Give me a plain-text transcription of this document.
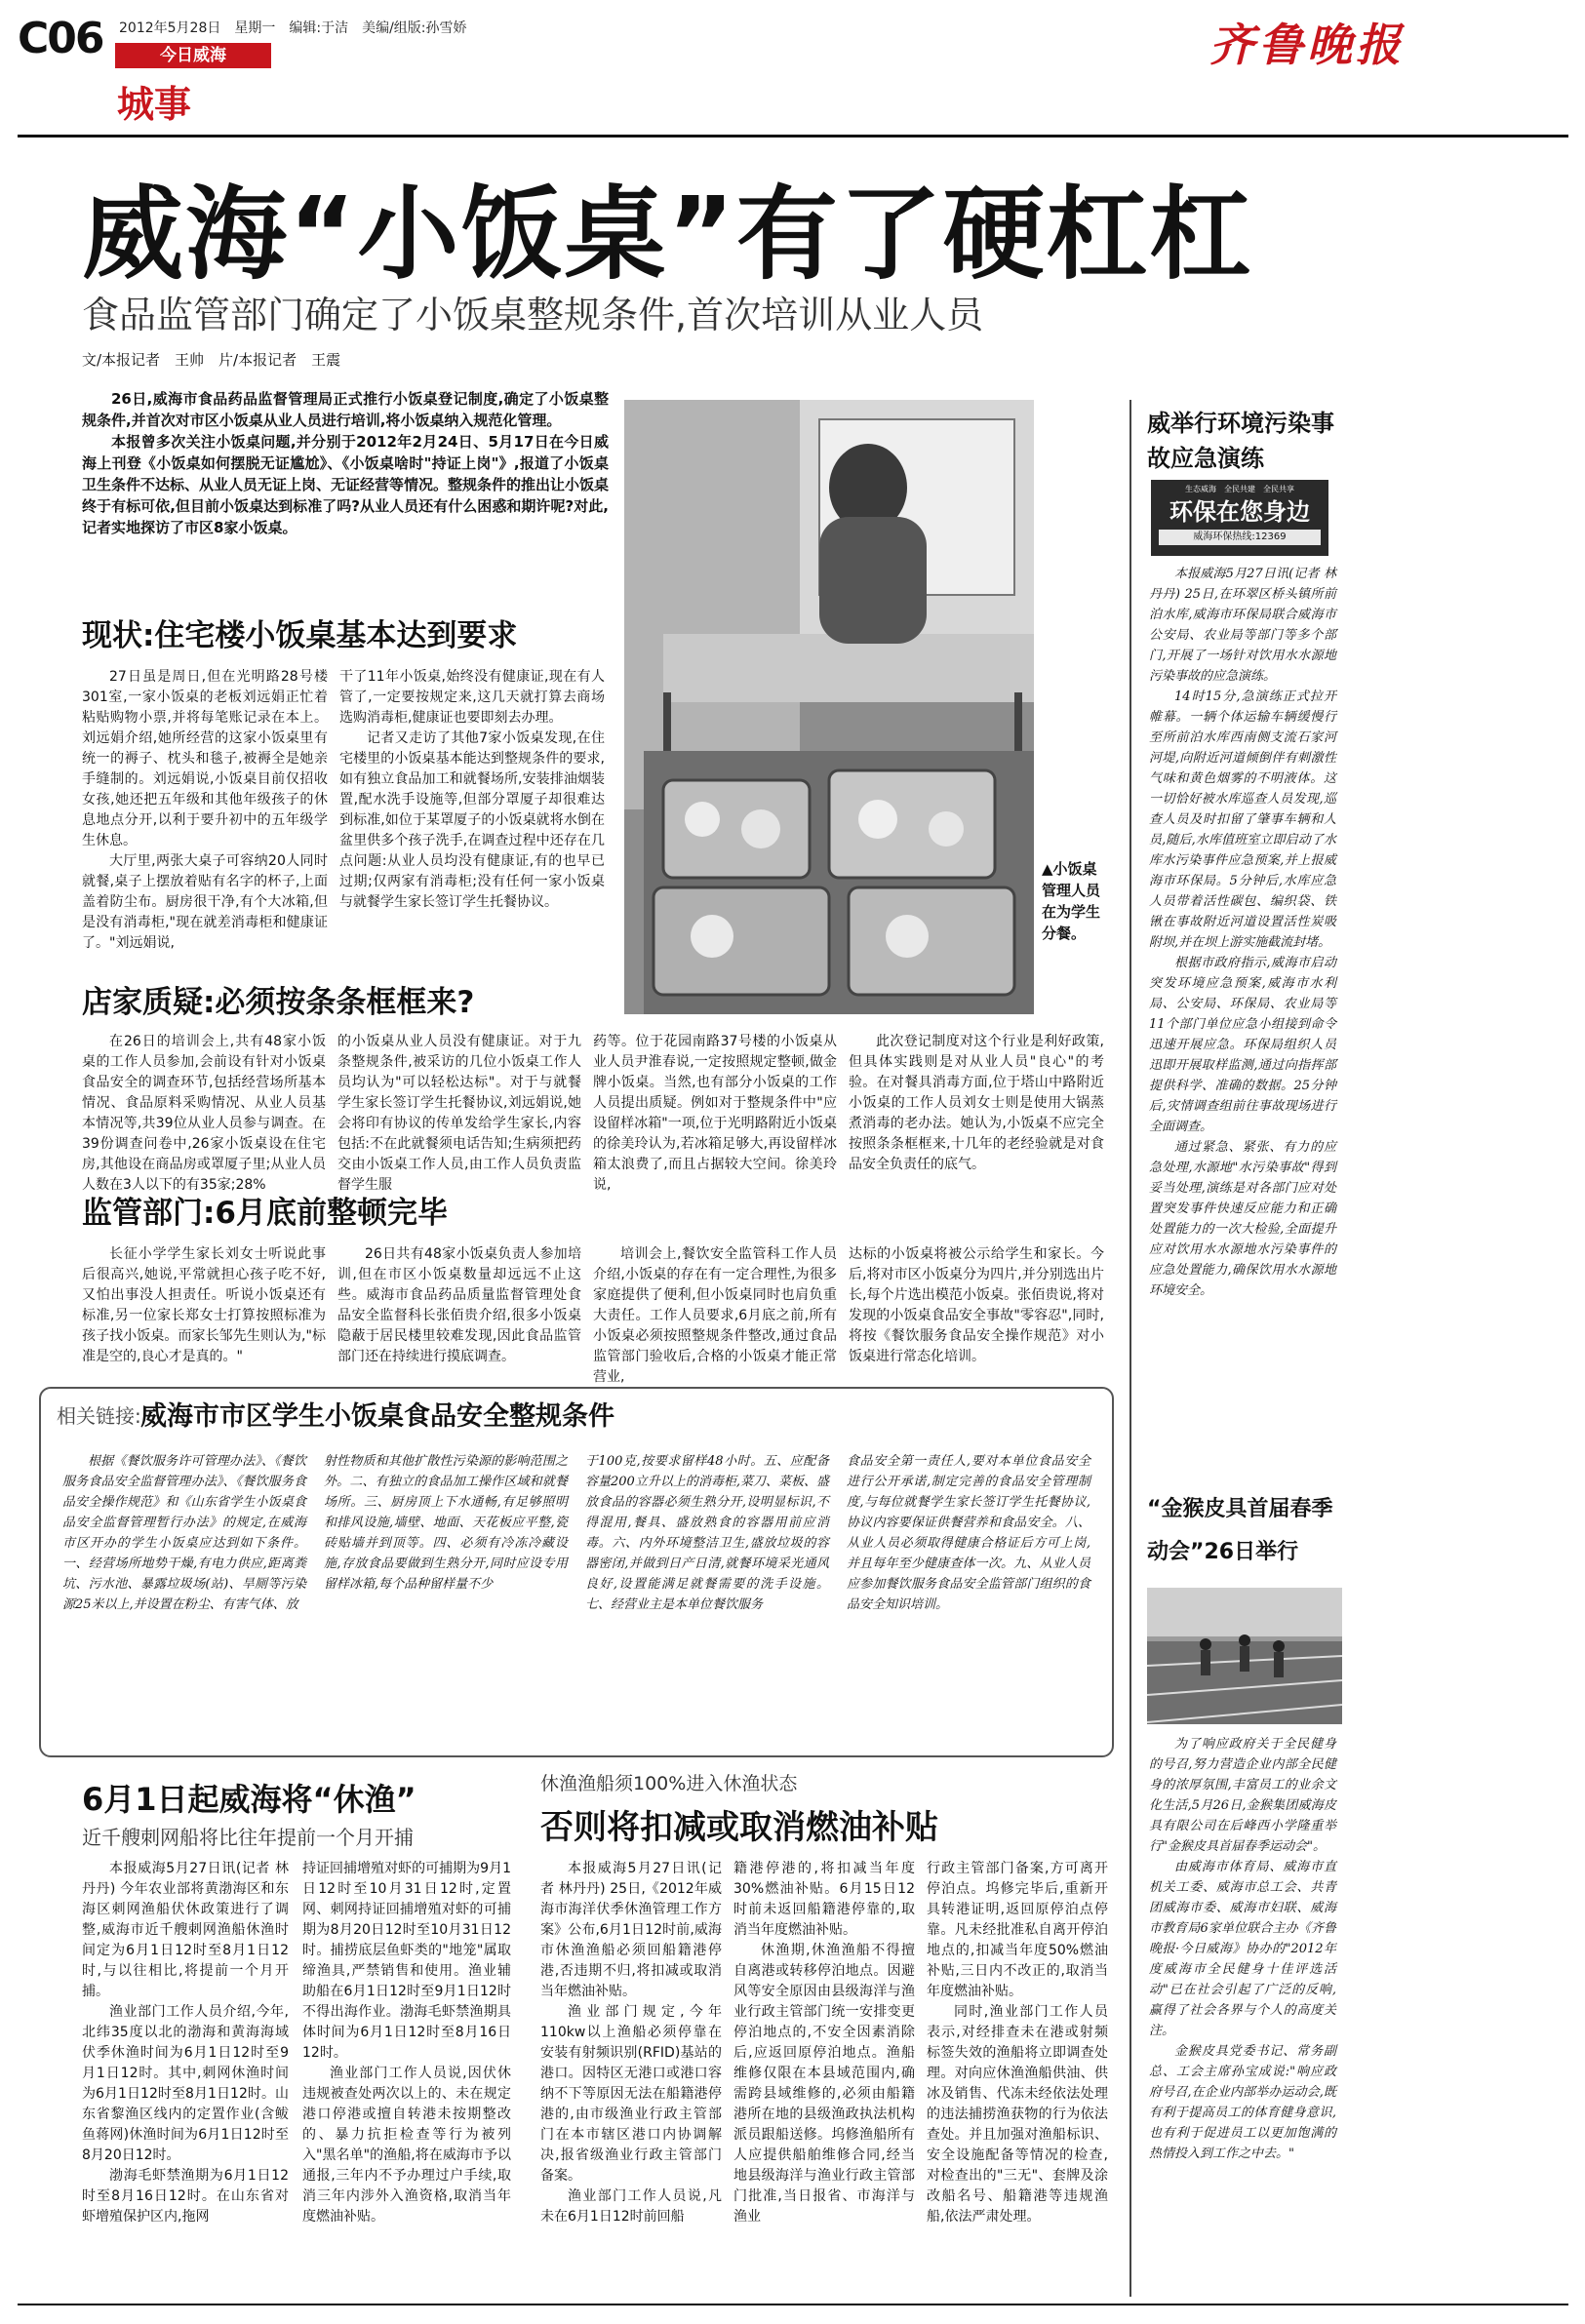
C06 2012年5月28日　星期一　编辑:于洁　美编/组版:孙雪娇
今日威海
城事
齐鲁晚报
威海“小饭桌”有了硬杠杠
食品监管部门确定了小饭桌整规条件,首次培训从业人员
文/本报记者　王帅　片/本报记者　王震

26日,威海市食品药品监督管理局正式推行小饭桌登记制度,确定了小饭桌整规条件,并首次对市区小饭桌从业人员进行培训,将小饭桌纳入规范化管理。

本报曾多次关注小饭桌问题,并分别于2012年2月24日、5月17日在今日威海上刊登《小饭桌如何摆脱无证尴尬》、《小饭桌啥时"持证上岗"》,报道了小饭桌卫生条件不达标、从业人员无证上岗、无证经营等情况。整规条件的推出让小饭桌终于有标可依,但目前小饭桌达到标准了吗?从业人员还有什么困惑和期许呢?对此,记者实地探访了市区8家小饭桌。

▲小饭桌管理人员在为学生分餐。
现状:住宅楼小饭桌基本达到要求

27日虽是周日,但在光明路28号楼301室,一家小饭桌的老板刘远娟正忙着粘贴购物小票,并将每笔账记录在本上。刘远娟介绍,她所经营的这家小饭桌里有统一的褥子、枕头和毯子,被褥全是她亲手缝制的。刘远娟说,小饭桌目前仅招收女孩,她还把五年级和其他年级孩子的休息地点分开,以利于要升初中的五年级学生休息。

大厅里,两张大桌子可容纳20人同时就餐,桌子上摆放着贴有名字的杯子,上面盖着防尘布。厨房很干净,有个大冰箱,但是没有消毒柜,"现在就差消毒柜和健康证了。"刘远娟说,

干了11年小饭桌,始终没有健康证,现在有人管了,一定要按规定来,这几天就打算去商场选购消毒柜,健康证也要即刻去办理。

记者又走访了其他7家小饭桌发现,在住宅楼里的小饭桌基本能达到整规条件的要求,如有独立食品加工和就餐场所,安装排油烟装置,配水洗手设施等,但部分罩厦子却很难达到标准,如位于某罩厦子的小饭桌就将水倒在盆里供多个孩子洗手,在调查过程中还存在几点问题:从业人员均没有健康证,有的也早已过期;仅两家有消毒柜;没有任何一家小饭桌与就餐学生家长签订学生托餐协议。

店家质疑:必须按条条框框来?

在26日的培训会上,共有48家小饭桌的工作人员参加,会前设有针对小饭桌食品安全的调查环节,包括经营场所基本情况、食品原料采购情况、从业人员基本情况等,共39位从业人员参与调查。在39份调查问卷中,26家小饭桌设在住宅房,其他设在商品房或罩厦子里;从业人员人数在3人以下的有35家;28%

的小饭桌从业人员没有健康证。对于九条整规条件,被采访的几位小饭桌工作人员均认为"可以轻松达标"。对于与就餐学生家长签订学生托餐协议,刘远娟说,她会将印有协议的传单发给学生家长,内容包括:不在此就餐须电话告知;生病须把药交由小饭桌工作人员,由工作人员负责监督学生服

药等。位于花园南路37号楼的小饭桌从业人员尹淮春说,一定按照规定整顿,做金牌小饭桌。当然,也有部分小饭桌的工作人员提出质疑。例如对于整规条件中"应设留样冰箱"一项,位于光明路附近小饭桌的徐美玲认为,若冰箱足够大,再设留样冰箱太浪费了,而且占据较大空间。徐美玲说,

此次登记制度对这个行业是利好政策,但具体实践则是对从业人员"良心"的考验。在对餐具消毒方面,位于塔山中路附近小饭桌的工作人员刘女士则是使用大锅蒸煮消毒的老办法。她认为,小饭桌不应完全按照条条框框来,十几年的老经验就是对食品安全负责任的底气。

监管部门:6月底前整顿完毕

长征小学学生家长刘女士听说此事后很高兴,她说,平常就担心孩子吃不好,又怕出事没人担责任。听说小饭桌还有标准,另一位家长郑女士打算按照标准为孩子找小饭桌。而家长邹先生则认为,"标准是空的,良心才是真的。"

26日共有48家小饭桌负责人参加培训,但在市区小饭桌数量却远远不止这些。威海市食品药品质量监督管理处食品安全监督科长张佰贵介绍,很多小饭桌隐蔽于居民楼里较难发现,因此食品监管部门还在持续进行摸底调查。

培训会上,餐饮安全监管科工作人员介绍,小饭桌的存在有一定合理性,为很多家庭提供了便利,但小饭桌同时也肩负重大责任。工作人员要求,6月底之前,所有小饭桌必须按照整规条件整改,通过食品监管部门验收后,合格的小饭桌才能正常营业,

达标的小饭桌将被公示给学生和家长。今后,将对市区小饭桌分为四片,并分别选出片长,每个片选出模范小饭桌。张佰贵说,将对发现的小饭桌食品安全事故"零容忍",同时,将按《餐饮服务食品安全操作规范》对小饭桌进行常态化培训。

相关链接: 威海市市区学生小饭桌食品安全整规条件

根据《餐饮服务许可管理办法》、《餐饮服务食品安全监督管理办法》、《餐饮服务食品安全操作规范》和《山东省学生小饭桌食品安全监督管理暂行办法》的规定,在威海市区开办的学生小饭桌应达到如下条件。一、经营场所地势干燥,有电力供应,距离粪坑、污水池、暴露垃圾场(站)、旱厕等污染源25米以上,并设置在粉尘、有害气体、放

射性物质和其他扩散性污染源的影响范围之外。二、有独立的食品加工操作区域和就餐场所。三、厨房顶上下水通畅,有足够照明和排风设施,墙壁、地面、天花板应平整,瓷砖贴墙并到顶等。四、必须有冷冻冷藏设施,存放食品要做到生熟分开,同时应设专用留样冰箱,每个品种留样量不少

于100克,按要求留样48小时。五、应配备容量200立升以上的消毒柜,菜刀、菜板、盛放食品的容器必须生熟分开,设明显标识,不得混用,餐具、盛放熟食的容器用前应消毒。六、内外环境整洁卫生,盛放垃圾的容器密闭,并做到日产日清,就餐环境采光通风良好,设置能满足就餐需要的洗手设施。七、经营业主是本单位餐饮服务

食品安全第一责任人,要对本单位食品安全进行公开承诺,制定完善的食品安全管理制度,与每位就餐学生家长签订学生托餐协议,协议内容要保证供餐营养和食品安全。八、从业人员必须取得健康合格证后方可上岗,并且每年至少健康查体一次。九、从业人员应参加餐饮服务食品安全监管部门组织的食品安全知识培训。

6月1日起威海将“休渔”
近千艘刺网船将比往年提前一个月开捕

本报威海5月27日讯(记者 林丹丹) 今年农业部将黄渤海区和东海区刺网渔船伏休政策进行了调整,威海市近千艘刺网渔船休渔时间定为6月1日12时至8月1日12时,与以往相比,将提前一个月开捕。

渔业部门工作人员介绍,今年,北纬35度以北的渤海和黄海海域伏季休渔时间为6月1日12时至9月1日12时。其中,刺网休渔时间为6月1日12时至8月1日12时。山东省黎渔区线内的定置作业(含鲅鱼蒋网)休渔时间为6月1日12时至8月20日12时。

渤海毛虾禁渔期为6月1日12时至8月16日12时。在山东省对虾增殖保护区内,拖网

持证回捕增殖对虾的可捕期为9月1日12时至10月31日12时,定置网、刺网持证回捕增殖对虾的可捕期为8月20日12时至10月31日12时。捕捞底层鱼虾类的"地笼"属取缔渔具,严禁销售和使用。渔业辅助船在6月1日12时至9月1日12时不得出海作业。渤海毛虾禁渔期具体时间为6月1日12时至8月16日12时。

渔业部门工作人员说,因伏休违规被查处两次以上的、未在规定港口停港或擅自转港未按期整改的、暴力抗拒检查等行为被列入"黑名单"的渔船,将在威海市予以通报,三年内不予办理过户手续,取消三年内涉外入渔资格,取消当年度燃油补贴。

休渔渔船须100%进入休渔状态
否则将扣减或取消燃油补贴

本报威海5月27日讯(记者 林丹丹) 25日,《2012年威海市海洋伏季休渔管理工作方案》公布,6月1日12时前,威海市休渔渔船必须回船籍港停港,否违期不归,将扣减或取消当年燃油补贴。

渔业部门规定,今年110kw以上渔船必须停靠在安装有射频识别(RFID)基站的港口。因特区无港口或港口容纳不下等原因无法在船籍港停港的,由市级渔业行政主管部门在本市辖区港口内协调解决,报省级渔业行政主管部门备案。

渔业部门工作人员说,凡未在6月1日12时前回船

籍港停港的,将扣减当年度30%燃油补贴。6月15日12时前未返回船籍港停靠的,取消当年度燃油补贴。

休渔期,休渔渔船不得擅自离港或转移停泊地点。因避风等安全原因由县级海洋与渔业行政主管部门统一安排变更停泊地点的,不安全因素消除后,应返回原停泊地点。渔船维修仅限在本县域范围内,确需跨县域维修的,必须由船籍港所在地的县级渔政执法机构派员跟船送修。坞修渔船所有人应提供船舶维修合同,经当地县级海洋与渔业行政主管部门批准,当日报省、市海洋与渔业

行政主管部门备案,方可离开停泊点。坞修完毕后,重新开具转港证明,返回原停泊点停靠。凡未经批准私自离开停泊地点的,扣减当年度50%燃油补贴,三日内不改正的,取消当年度燃油补贴。

同时,渔业部门工作人员表示,对经排查未在港或射频标签失效的渔船将立即调查处理。对向应休渔渔船供油、供冰及销售、代冻未经依法处理的违法捕捞渔获物的行为依法查处。并且加强对渔船标识、安全设施配备等情况的检查,对检查出的"三无"、套牌及涂改船名号、船籍港等违规渔船,依法严肃处理。

威举行环境污染事故应急演练
生态威海　全民共建　全民共享
环保在您身边
威海环保热线:12369

本报威海5月27日讯(记者 林丹丹) 25日,在环翠区桥头镇所前泊水库,威海市环保局联合威海市公安局、农业局等部门等多个部门,开展了一场针对饮用水水源地污染事故的应急演练。

14时15分,急演练正式拉开帷幕。一辆个体运输车辆缓慢行至所前泊水库西南侧支流石家河河堤,向附近河道倾倒伴有刺激性气味和黄色烟雾的不明液体。这一切恰好被水库巡查人员发现,巡查人员及时扣留了肇事车辆和人员,随后,水库值班室立即启动了水库水污染事件应急预案,并上报威海市环保局。5分钟后,水库应急人员带着活性碳包、编织袋、铁锹在事故附近河道设置活性炭吸附坝,并在坝上游实施截流封堵。

根据市政府指示,威海市启动突发环境应急预案,威海市水利局、公安局、环保局、农业局等11个部门单位应急小组接到命令迅速开展应急。环保局组织人员迅即开展取样监测,通过向指挥部提供科学、准确的数据。25分钟后,灾情调查组前往事故现场进行全面调查。

通过紧急、紧张、有力的应急处理,水源地"水污染事故"得到妥当处理,演练是对各部门应对处置突发事件快速反应能力和正确处置能力的一次大检验,全面提升应对饮用水水源地水污染事件的应急处置能力,确保饮用水水源地环境安全。

“金猴皮具首届春季动会”26日举行

为了响应政府关于全民健身的号召,努力营造企业内部全民健身的浓厚氛围,丰富员工的业余文化生活,5月26日,金猴集团威海皮具有限公司在后峰西小学隆重举行"金猴皮具首届春季运动会"。

由威海市体育局、威海市直机关工委、威海市总工会、共青团威海市委、威海市妇联、威海市教育局6家单位联合主办《齐鲁晚报·今日威海》协办的"2012年度威海市全民健身十佳评选活动"已在社会引起了广泛的反响,赢得了社会各界与个人的高度关注。

金猴皮具党委书记、常务副总、工会主席孙宝成说:"响应政府号召,在企业内部举办运动会,既有利于提高员工的体育健身意识,也有利于促进员工以更加饱满的热情投入到工作之中去。"
